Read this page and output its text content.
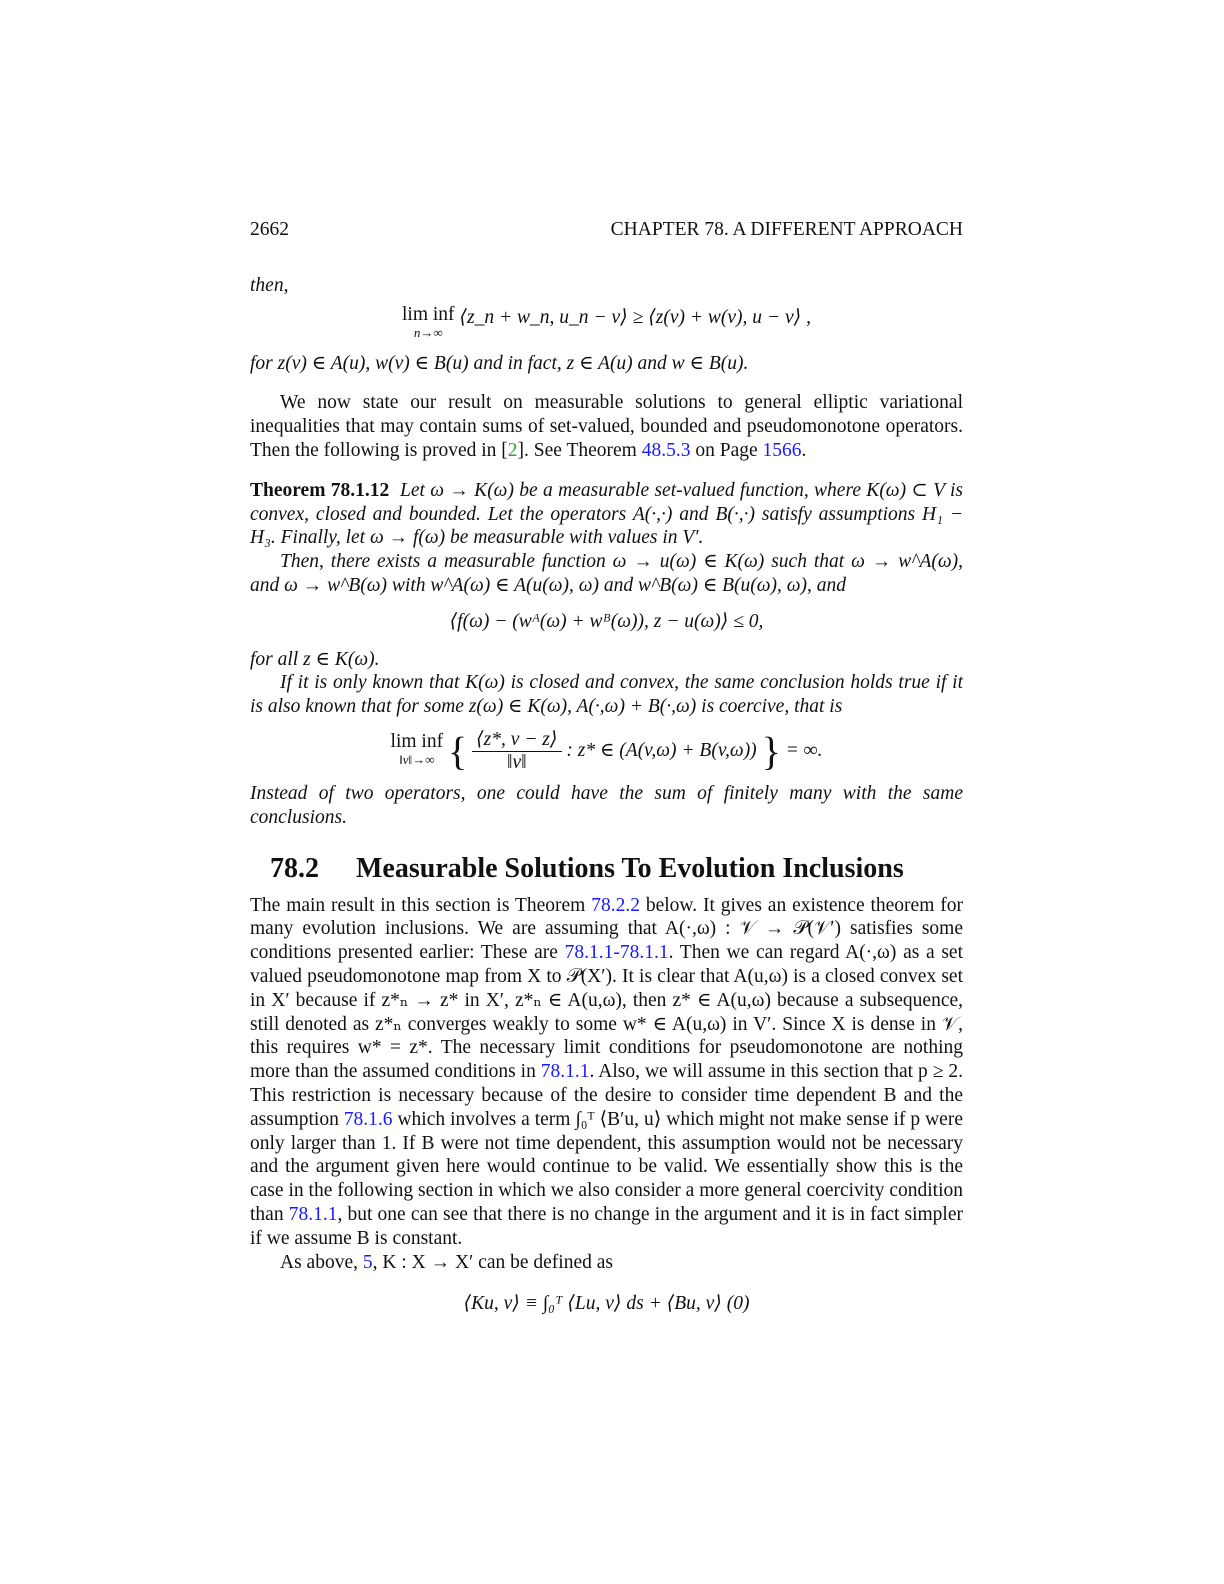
2662	CHAPTER 78. A DIFFERENT APPROACH

then,

lim inf
n→∞
⟨z_n + w_n, u_n − v⟩ ≥ ⟨z(v) + w(v), u − v⟩ ,

for z(v) ∈ A(u), w(v) ∈ B(u) and in fact, z ∈ A(u) and w ∈ B(u).

We now state our result on measurable solutions to general elliptic variational inequalities that may contain sums of set-valued, bounded and pseudomonotone operators. Then the following is proved in [2]. See Theorem 48.5.3 on Page 1566.

Theorem 78.1.12 Let ω → K(ω) be a measurable set-valued function, where K(ω) ⊂ V is convex, closed and bounded. Let the operators A(·,·) and B(·,·) satisfy assumptions H₁ − H₃. Finally, let ω → f(ω) be measurable with values in V′.

Then, there exists a measurable function ω → u(ω) ∈ K(ω) such that ω → w^A(ω), and ω → w^B(ω) with w^A(ω) ∈ A(u(ω), ω) and w^B(ω) ∈ B(u(ω), ω), and

⟨f(ω) − (wᴬ(ω) + wᴮ(ω)), z − u(ω)⟩ ≤ 0,

for all z ∈ K(ω).

If it is only known that K(ω) is closed and convex, the same conclusion holds true if it is also known that for some z(ω) ∈ K(ω), A(·,ω) + B(·,ω) is coercive, that is

lim inf
‖v‖→∞ { $\frac{⟨z*, v - z⟩}{‖v‖}$ : z* ∈ (A(v,ω) + B(v,ω)) } = ∞.

Instead of two operators, one could have the sum of finitely many with the same conclusions.

78.2 Measurable Solutions To Evolution Inclusions

The main result in this section is Theorem 78.2.2 below. It gives an existence theorem for many evolution inclusions. We are assuming that A(·,ω) : 𝒱 → 𝒫(𝒱′) satisfies some conditions presented earlier: These are 78.1.1-78.1.1. Then we can regard A(·,ω) as a set valued pseudomonotone map from X to 𝒫(X′). It is clear that A(u,ω) is a closed convex set in X′ because if z*ₙ → z* in X′, z*ₙ ∈ A(u,ω), then z* ∈ A(u,ω) because a subsequence, still denoted as z*ₙ converges weakly to some w* ∈ A(u,ω) in V′. Since X is dense in 𝒱, this requires w* = z*. The necessary limit conditions for pseudomonotone are nothing more than the assumed conditions in 78.1.1. Also, we will assume in this section that p ≥ 2. This restriction is necessary because of the desire to consider time dependent B and the assumption 78.1.6 which involves a term ∫₀ᵀ ⟨B′u, u⟩ which might not make sense if p were only larger than 1. If B were not time dependent, this assumption would not be necessary and the argument given here would continue to be valid. We essentially show this is the case in the following section in which we also consider a more general coercivity condition than 78.1.1, but one can see that there is no change in the argument and it is in fact simpler if we assume B is constant.

As above, 5, K : X → X′ can be defined as

⟨Ku, v⟩ ≡ ∫₀ᵀ ⟨Lu, v⟩ ds + ⟨Bu, v⟩ (0)
